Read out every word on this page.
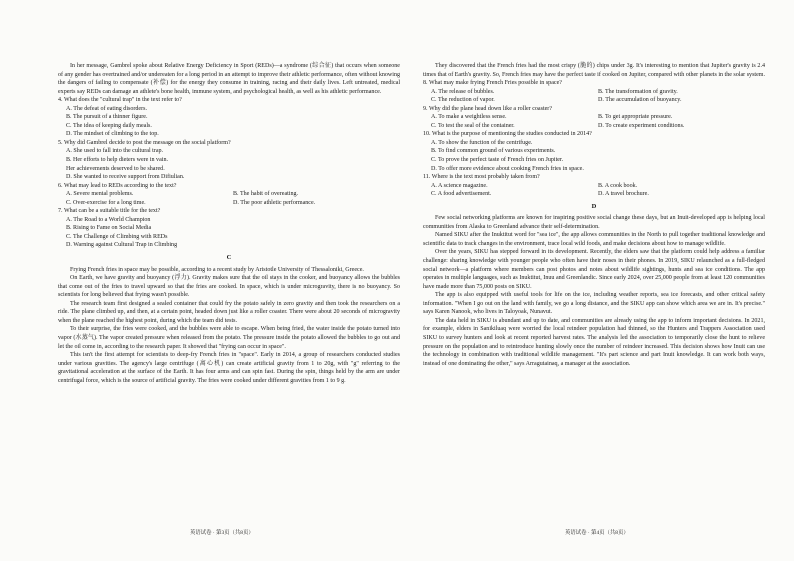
In her message, Gambrel spoke about Relative Energy Deficiency in Sport (REDs)—a syndrome (综合征) that occurs when someone of any gender has overtrained and/or undereaten for a long period in an attempt to improve their athletic performance, often without knowing the dangers of failing to compensate (补偿) for the energy they consume in training, racing and their daily lives. Left untreated, medical experts say REDs can damage an athlete's bone health, immune system, and psychological health, as well as his athletic performance.

4. What does the "cultural trap" in the text refer to?

A. The defeat of eating disorders.

B. The pursuit of a thinner figure.

C. The idea of keeping daily meals.

D. The mindset of climbing to the top.

5. Why did Gambrel decide to post the message on the social platform?

A. She used to fall into the cultural trap.

B. Her efforts to help dieters were in vain.

Her achievements deserved to be shared.

D. She wanted to receive support from Difiulian.

6. What may lead to REDs according to the text?

A. Severe mental problems.	B. The habit of overeating.
C. Over-exercise for a long time.	D. The poor athletic performance.

7. What can be a suitable title for the text?

A. The Road to a World Champion

B. Rising to Fame on Social Media

C. The Challenge of Climbing with REDs

D. Warning against Cultural Trap in Climbing

C

Frying French fries in space may be possible, according to a recent study by Aristotle University of Thessaloniki, Greece.

On Earth, we have gravity and buoyancy (浮力). Gravity makes sure that the oil stays in the cooker, and buoyancy allows the bubbles that come out of the fries to travel upward so that the fries are cooked. In space, which is under microgravity, there is no buoyancy. So scientists for long believed that frying wasn't possible.

The research team first designed a sealed container that could fry the potato safely in zero gravity and then took the researchers on a ride. The plane climbed up, and then, at a certain point, headed down just like a roller coaster. There were about 20 seconds of microgravity when the plane reached the highest point, during which the team did tests.

To their surprise, the fries were cooked, and the bubbles were able to escape. When being fried, the water inside the potato turned into vapor (水蒸气). The vapor created pressure when released from the potato. The pressure inside the potato allowed the bubbles to go out and let the oil come in, according to the research paper. It showed that "frying can occur in space".

This isn't the first attempt for scientists to deep-fry French fries in "space". Early in 2014, a group of researchers conducted studies under various gravities. The agency's large centrifuge (离心机) can create artificial gravity from 1 to 20g, with "g" referring to the gravitational acceleration at the surface of the Earth. It has four arms and can spin fast. During the spin, things held by the arm are under centrifugal force, which is the source of artificial gravity. The fries were cooked under different gravities from 1 to 9 g.

They discovered that the French fries had the most crispy (脆的) chips under 3g. It's interesting to mention that Jupiter's gravity is 2.4 times that of Earth's gravity. So, French fries may have the perfect taste if cooked on Jupiter, compared with other planets in the solar system.

8. What may make frying French Fries possible in space?

A. The release of bubbles.	B. The transformation of gravity.
C. The reduction of vapor.	D. The accumulation of buoyancy.

9. Why did the plane head down like a roller coaster?

A. To make a weightless sense.	B. To get appropriate pressure.
C. To test the seal of the container.	D. To create experiment conditions.

10. What is the purpose of mentioning the studies conducted in 2014?

A. To show the function of the centrifuge.

B. To find common ground of various experiments.

C. To prove the perfect taste of French fries on Jupiter.

D. To offer more evidence about cooking French fries in space.

11. Where is the text most probably taken from?

A. A science magazine.	B. A cook book.
C. A food advertisement.	D. A travel brochure.
D

Few social networking platforms are known for inspiring positive social change these days, but an Inuit-developed app is helping local communities from Alaska to Greenland advance their self-determination.

Named SIKU after the Inuktitut word for "sea ice", the app allows communities in the North to pull together traditional knowledge and scientific data to track changes in the environment, trace local wild foods, and make decisions about how to manage wildlife.

Over the years, SIKU has stepped forward in its development. Recently, the elders saw that the platform could help address a familiar challenge: sharing knowledge with younger people who often have their noses in their phones. In 2019, SIKU relaunched as a full-fledged social network—a platform where members can post photos and notes about wildlife sightings, hunts and sea ice conditions. The app operates in multiple languages, such as Inuktitut, Inuu and Greenlandic. Since early 2024, over 25,000 people from at least 120 communities have made more than 75,000 posts on SIKU.

The app is also equipped with useful tools for life on the ice, including weather reports, sea ice forecasts, and other critical safety information. "When I go out on the land with family, we go a long distance, and the SIKU app can show which area we are in. It's precise." says Karen Nanook, who lives in Taloyoak, Nunavut.

The data held in SIKU is abundant and up to date, and communities are already using the app to inform important decisions. In 2021, for example, elders in Sanikiluaq were worried the local reindeer population had thinned, so the Hunters and Trappers Association used SIKU to survey hunters and look at recent reported harvest rates. The analysis led the association to temporarily close the hunt to relieve pressure on the population and to reintroduce hunting slowly once the number of reindeer increased. This decision shows how Inuit can use the technology in combination with traditional wildlife management. "It's part science and part Inuit knowledge. It can work both ways, instead of one dominating the other," says Arragutainaq, a manager at the association.

英语试卷 · 第3页（共8页）	英语试卷 · 第4页（共8页）
